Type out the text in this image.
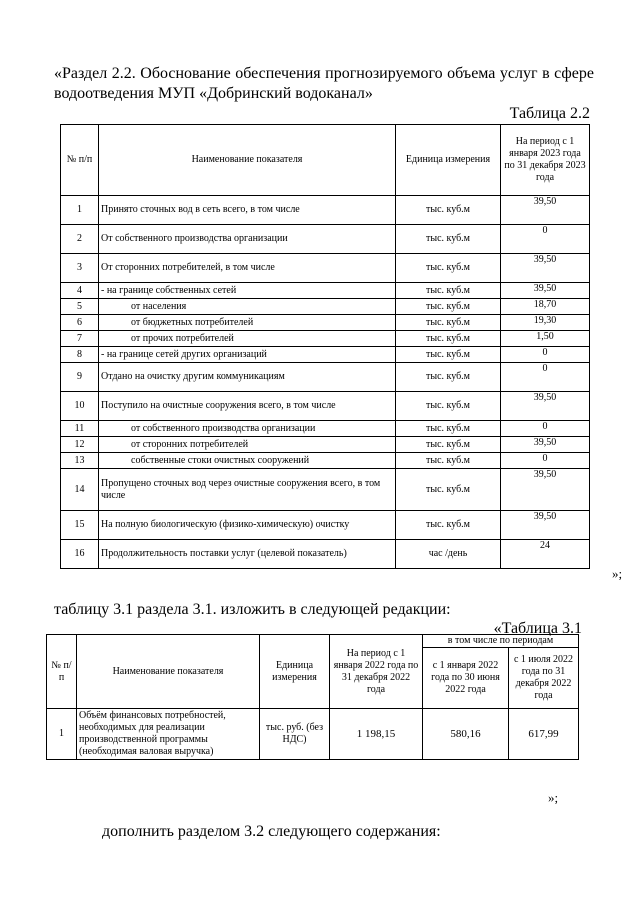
«Раздел 2.2. Обоснование обеспечения прогнозируемого объема услуг в сфере
водоотведения МУП «Добринский водоканал»
Таблица 2.2
№ п/п	Наименование показателя	Единица измерения	На период с 1 января 2023 года по 31 декабря 2023 года
1	Принято сточных вод в сеть всего, в том числе	тыс. куб.м	39,50
2	От собственного производства организации	тыс. куб.м	0
3	От сторонних потребителей, в том числе	тыс. куб.м	39,50
4	- на границе собственных сетей	тыс. куб.м	39,50
5	от населения	тыс. куб.м	18,70
6	от бюджетных потребителей	тыс. куб.м	19,30
7	от прочих потребителей	тыс. куб.м	1,50
8	- на границе сетей других организаций	тыс. куб.м	0
9	Отдано на очистку другим коммуникациям	тыс. куб.м	0
10	Поступило на очистные сооружения всего, в том числе	тыс. куб.м	39,50
11	от собственного производства организации	тыс. куб.м	0
12	от сторонних потребителей	тыс. куб.м	39,50
13	собственные стоки очистных сооружений	тыс. куб.м	0
14	Пропущено сточных вод через очистные сооружения всего, в том числе	тыс. куб.м	39,50
15	На полную биологическую (физико-химическую) очистку	тыс. куб.м	39,50
16	Продолжительность поставки услуг (целевой показатель)	час /день	24
»;
таблицу 3.1 раздела 3.1. изложить в следующей редакции:
«Таблица 3.1
№ п/п	Наименование показателя	Единица измерения	На период с 1 января 2022 года по 31 декабря 2022 года	в том числе по периодам	
				с 1 января 2022 года по 30 июня 2022 года	с 1 июля 2022 года по 31 декабря 2022 года
1	Объём финансовых потребностей, необходимых для реализации производственной программы (необходимая валовая выручка)	тыс. руб. (без НДС)	1 198,15	580,16	617,99
»;
дополнить разделом 3.2 следующего содержания:
